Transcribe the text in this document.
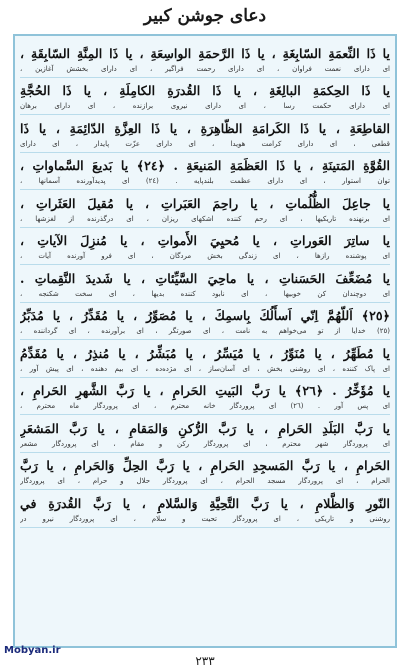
دعای جوشن کبیر
يا ذَا النِّعمَةِ السّابِغَةِ ، يا ذَا الرَّحمَةِ الواسِعَةِ ، يا ذَا المِنَّةِ السّابِقَةِ ،
ای دارای نعمت فراوان ، ای دارای رحمت فراگیر ، ای دارای بخشش آغازین ،
يا ذَا الحِكمَةِ البالِغَةِ ، يا ذَا القُدرَةِ الكامِلَةِ ، يا ذَا الحُجَّةِ
ای دارای حکمت رسا ، ای دارای نیروی برازنده ، ای دارای برهان
القاطِعَةِ ، يا ذَا الكَرامَةِ الظّاهِرَةِ ، يا ذَا العِزَّةِ الدّائِمَةِ ، يا ذَا
قطعی ، ای دارای کرامت هویدا ، ای دارای عزّت پایدار ، ای دارای
القُوَّةِ المَتينَةِ ، يا ذَا العَظَمَةِ المَنيعَةِ . ﴿٢٤﴾ يا بَديعَ السَّماواتِ ،
توان استوار ، ای دارای عظمت بلندپایه . (٢٤) ای پدیدآورنده آسمانها ،
يا جاعِلَ الظُّلُماتِ ، يا راحِمَ العَبَراتِ ، يا مُقيلَ العَثَراتِ ،
ای برنهنده تاریکیها ، ای رحم کننده اشکهای ریزان ، ای درگذرنده از لغزشها ،
يا ساتِرَ العَوراتِ ، يا مُحيِيَ الأَمواتِ ، يا مُنزِلَ الآياتِ ،
ای پوشنده رازها ، ای زندگی بخش مردگان ، ای فرو آورنده آیات ،
يا مُضَعِّفَ الحَسَناتِ ، يا ماحِيَ السَّيِّئاتِ ، يا شَديدَ النَّقِماتِ .
ای دوچندان کن خوبیها ، ای نابود کننده بدیها ، ای سخت شکنجه ،
﴿٢٥﴾ اَللّهُمَّ اِنّي اَسأَلُكَ بِاسمِكَ ، يا مُصَوِّرُ ، يا مُقَدِّرُ ، يا مُدَبِّرُ
(٢٥) خدایا از تو می‌خواهم به نامت ، ای صورتگر ، ای برآورنده ، ای گرداننده ،
يا مُطَهِّرُ ، يا مُنَوِّرُ ، يا مُيَسِّرُ ، يا مُبَشِّرُ ، يا مُنذِرُ ، يا مُقَدِّمُ
ای پاک کننده ، ای روشنی بخش ، ای آسان‌ساز ، ای مژده‌ده ، ای بیم دهنده ، ای پیش آور ،
يا مُؤَخِّرُ . ﴿٢٦﴾ يا رَبَّ البَيتِ الحَرامِ ، يا رَبَّ الشَّهرِ الحَرامِ ،
ای پس آور . (٢٦) ای پروردگار خانه محترم ، ای پروردگار ماه محترم ،
يا رَبَّ البَلَدِ الحَرامِ ، يا رَبَّ الرُّكنِ وَالمَقامِ ، يا رَبَّ المَشعَرِ
ای پروردگار شهر محترم ، ای پروردگار رکن و مقام ، ای پروردگار مشعر
الحَرامِ ، يا رَبَّ المَسجِدِ الحَرامِ ، يا رَبَّ الحِلِّ وَالحَرامِ ، يا رَبَّ
الحرام ، ای پروردگار مسجد الحرام ، ای پروردگار حلال و حرام ، ای پروردگار
النّورِ وَالظَّلامِ ، يا رَبَّ التَّحِيَّةِ وَالسَّلامِ ، يا رَبَّ القُدرَةِ في
روشنی و تاریکی ، ای پروردگار تحیت و سلام ، ای پروردگار نیرو در
Mobyan.ir
٢٣٣
